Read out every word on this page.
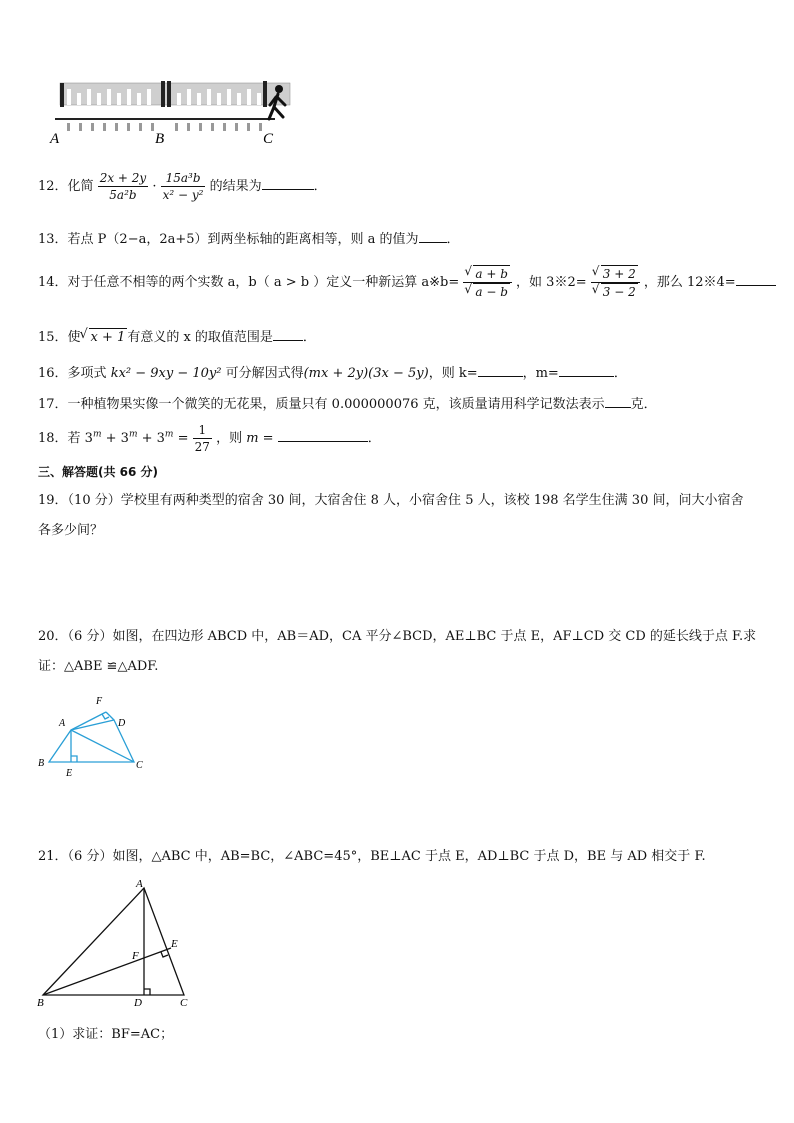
A	B	C
12．化简 $\frac{2x + 2y}{\text{5a²b}} \cdot \frac{\text{15a³b}}{\text{x² − y²}}$ 的结果为	．
13．若点 P（2−a，2a+5）到两坐标轴的距离相等，则 a 的值为 ．
14．对于任意不相等的两个实数 a，b（ a > b ）定义一种新运算 a※b= √ a + b
√ a − b ，如 3※2= √ 3 + 2
√ 3 − 2 ，那么 12※4=
15．使 √ x + 1 有意义的 x 的取值范围是 ．
16．多项式 kx² − 9xy − 10y² 可分解因式得(mx + 2y)(3x − 5y)，则 k=	，m=	．
17．一种植物果实像一个微笑的无花果，质量只有 0.000000076 克，该质量请用科学记数法表示 克．
18．若 $3^m + 3^m + 3^m = \frac{1}{27}$ ，则 m =	．
三、解答题(共 66 分)
19．（10 分）学校里有两种类型的宿舍 30 间，大宿舍住 8 人，小宿舍住 5 人，该校 198 名学生住满 30 间，问大小宿舍
各多少间？
20．（6 分）如图，在四边形 ABCD 中，AB＝AD，CA 平分∠BCD，AE⊥BC 于点 E，AF⊥CD 交 CD 的延长线于点 F.求
证：△ABE ≌△ADF.
F
A	D
B
E
C
21．（6 分）如图，△ABC 中，AB=BC，∠ABC=45°，BE⊥AC 于点 E，AD⊥BC 于点 D，BE 与 AD 相交于 F.
A
E
F
B	D	C
（1）求证：BF=AC；
